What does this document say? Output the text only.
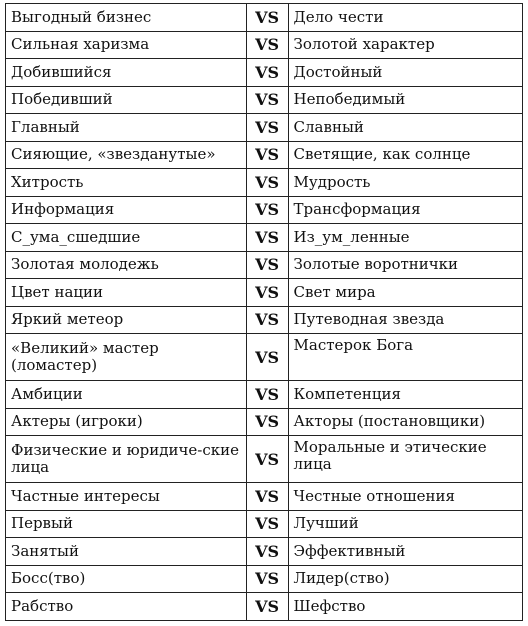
Выгодный бизнес	VS	Дело чести
Сильная харизма	VS	Золотой характер
Добившийся	VS	Достойный
Победивший	VS	Непобедимый
Главный	VS	Славный
Сияющие, «звезданутые»	VS	Светящие, как солнце
Хитрость	VS	Мудрость
Информация	VS	Трансформация
С_ума_сшедшие	VS	Из_ум_ленные
Золотая молодежь	VS	Золотые воротнички
Цвет нации	VS	Свет мира
Яркий метеор	VS	Путеводная звезда
«Великий» мастер (ломастер)	VS	Мастерок Бога
Амбиции	VS	Компетенция
Актеры (игроки)	VS	Акторы (постановщики)
Физические и юридиче-ские лица	VS	Моральные и этические лица
Частные интересы	VS	Честные отношения
Первый	VS	Лучший
Занятый	VS	Эффективный
Босс(тво)	VS	Лидер(ство)
Рабство	VS	Шефство
